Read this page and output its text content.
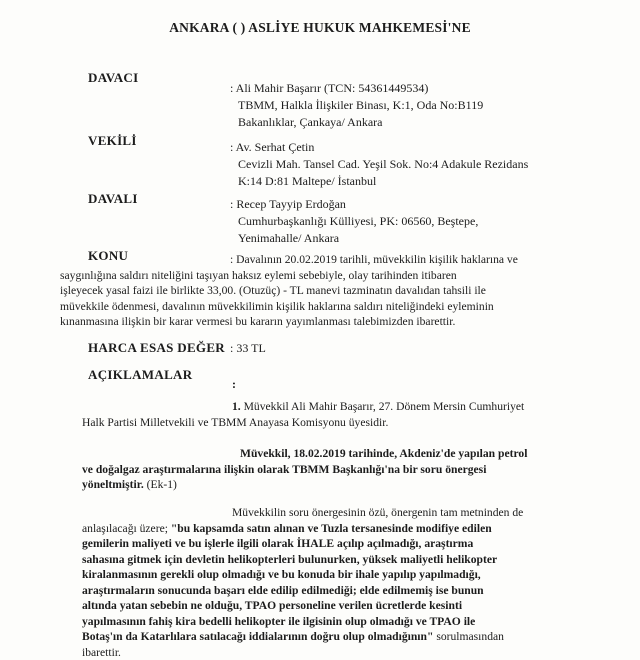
ANKARA ( ) ASLİYE HUKUK MAHKEMESİ'NE
DAVACI
: Ali Mahir Başarır (TCN: 54361449534)
TBMM, Halkla İlişkiler Binası, K:1, Oda No:B119
Bakanlıklar, Çankaya/ Ankara
VEKİLİ	: Av. Serhat Çetin
Cevizli Mah. Tansel Cad. Yeşil Sok. No:4 Adakule Rezidans
K:14 D:81 Maltepe/ İstanbul
DAVALI	: Recep Tayyip Erdoğan
Cumhurbaşkanlığı Külliyesi, PK: 06560, Beştepe,
Yenimahalle/ Ankara
KONU	: Davalının 20.02.2019 tarihli, müvekkilin kişilik haklarına ve
saygınlığına saldırı niteliğini taşıyan haksız eylemi sebebiyle, olay tarihinden itibaren
işleyecek yasal faizi ile birlikte 33,00. (Otuzüç) - TL manevi tazminatın davalıdan tahsili ile
müvekkile ödenmesi, davalının müvekkilimin kişilik haklarına saldırı niteliğindeki eyleminin
kınanmasına ilişkin bir karar vermesi bu kararın yayımlanması talebimizden ibarettir.
HARCA ESAS DEĞER : 33 TL
AÇIKLAMALAR
:
1. Müvekkil Ali Mahir Başarır, 27. Dönem Mersin Cumhuriyet
Halk Partisi Milletvekili ve TBMM Anayasa Komisyonu üyesidir.
Müvekkil, 18.02.2019 tarihinde, Akdeniz'de yapılan petrol
ve doğalgaz araştırmalarına ilişkin olarak TBMM Başkanlığı'na bir soru önergesi
yöneltmiştir. (Ek-1)
Müvekkilin soru önergesinin özü, önergenin tam metninden de
anlaşılacağı üzere; "bu kapsamda satın alınan ve Tuzla tersanesinde modifiye edilen
gemilerin maliyeti ve bu işlerle ilgili olarak İHALE açılıp açılmadığı, araştırma
sahasına gitmek için devletin helikopterleri bulunurken, yüksek maliyetli helikopter
kiralanmasının gerekli olup olmadığı ve bu konuda bir ihale yapılıp yapılmadığı,
araştırmaların sonucunda başarı elde edilip edilmediği; elde edilmemiş ise bunun
altında yatan sebebin ne olduğu, TPAO personeline verilen ücretlerde kesinti
yapılmasının fahiş kira bedelli helikopter ile ilgisinin olup olmadığı ve TPAO ile
Botaş'ın da Katarlılara satılacağı iddialarının doğru olup olmadığının" sorulmasından
ibarettir.
